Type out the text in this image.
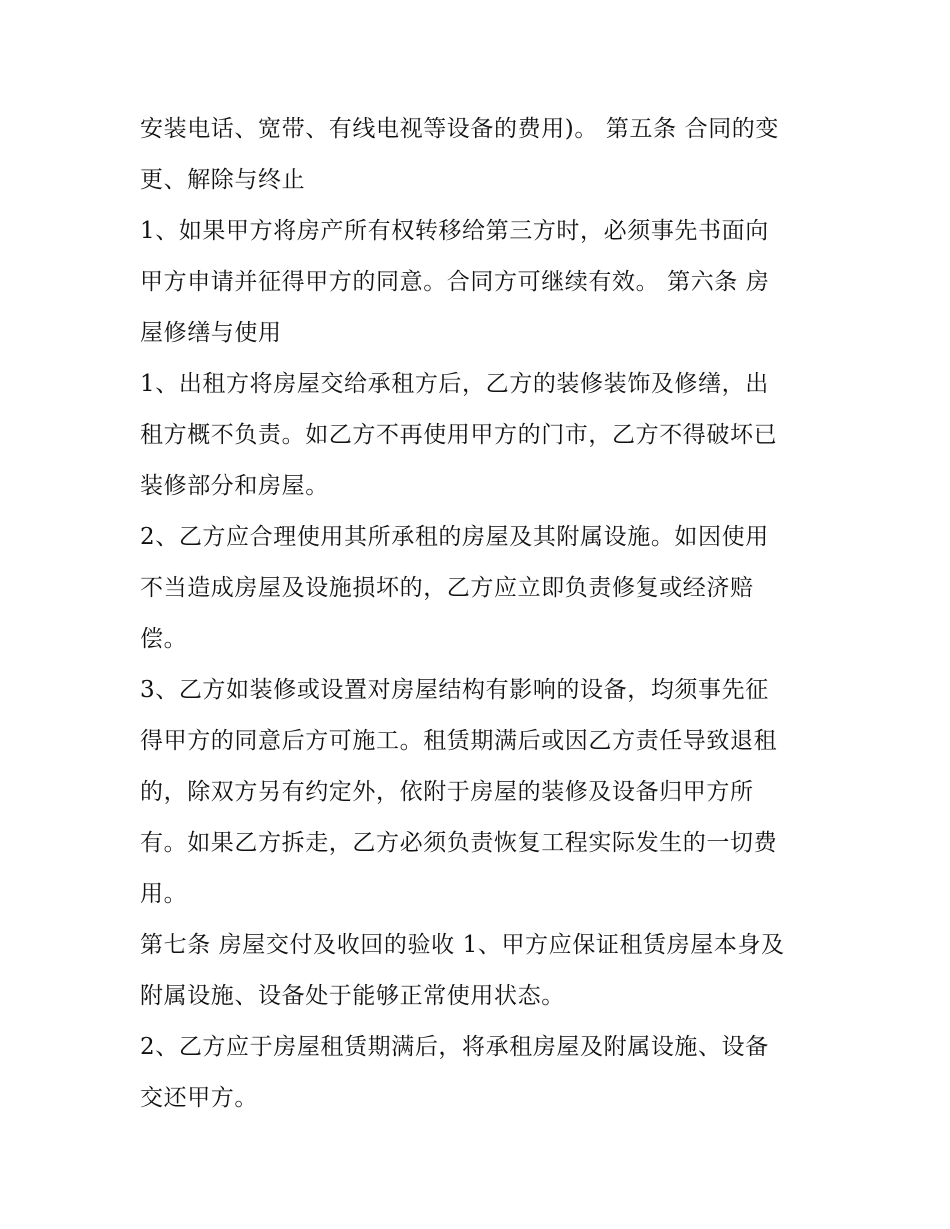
安装电话、宽带、有线电视等设备的费用)。 第五条 合同的变
更、解除与终止
1、如果甲方将房产所有权转移给第三方时，必须事先书面向
甲方申请并征得甲方的同意。合同方可继续有效。 第六条 房
屋修缮与使用
1、出租方将房屋交给承租方后，乙方的装修装饰及修缮，出
租方概不负责。如乙方不再使用甲方的门市，乙方不得破坏已
装修部分和房屋。
2、乙方应合理使用其所承租的房屋及其附属设施。如因使用
不当造成房屋及设施损坏的，乙方应立即负责修复或经济赔
偿。
3、乙方如装修或设置对房屋结构有影响的设备，均须事先征
得甲方的同意后方可施工。租赁期满后或因乙方责任导致退租
的，除双方另有约定外，依附于房屋的装修及设备归甲方所
有。如果乙方拆走，乙方必须负责恢复工程实际发生的一切费
用。
第七条 房屋交付及收回的验收 1、甲方应保证租赁房屋本身及
附属设施、设备处于能够正常使用状态。
2、乙方应于房屋租赁期满后，将承租房屋及附属设施、设备
交还甲方。
